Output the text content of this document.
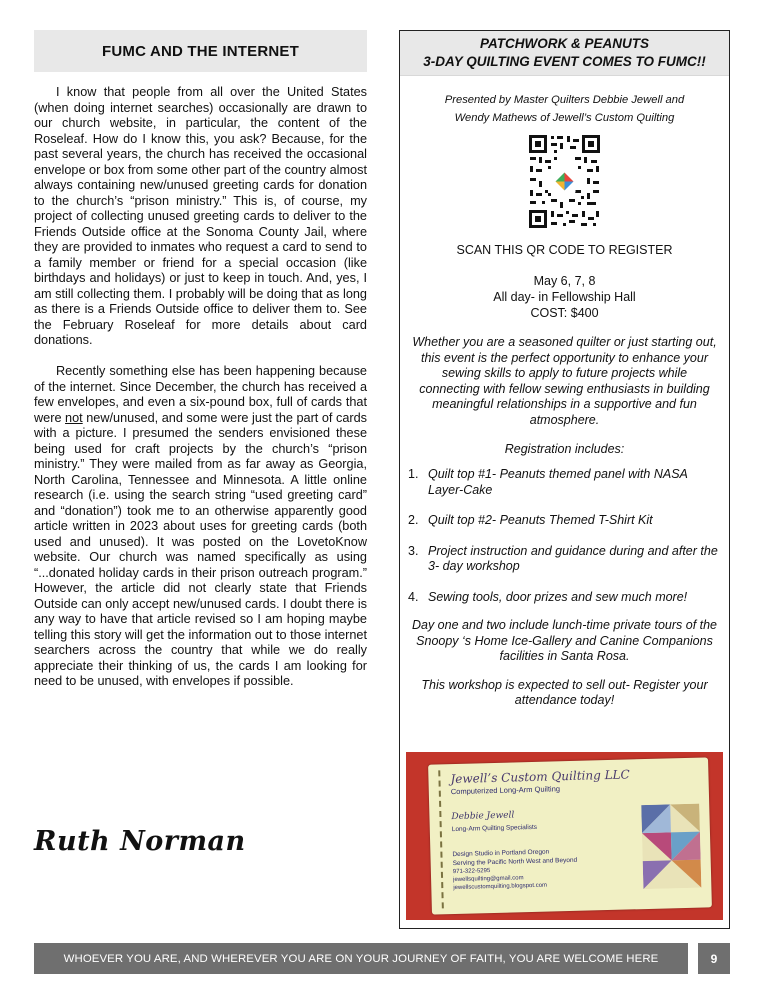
FUMC AND THE INTERNET

I know that people from all over the United States (when doing internet searches) occasionally are drawn to our church website, in particular, the content of the Roseleaf. How do I know this, you ask? Because, for the past several years, the church has received the occasional envelope or box from some other part of the country almost always containing new/unused greeting cards for donation to the church’s “prison ministry.” This is, of course, my project of collecting unused greeting cards to deliver to the Friends Outside office at the Sonoma County Jail, where they are provided to inmates who request a card to send to a family member or friend for a special occasion (like birthdays and holidays) or just to keep in touch. And, yes, I am still collecting them. I probably will be doing that as long as there is a Friends Outside office to deliver them to. See the February Roseleaf for more details about card donations.

Recently something else has been happening because of the internet. Since December, the church has received a few envelopes, and even a six-pound box, full of cards that were not new/unused, and some were just the part of cards with a picture. I presumed the senders envisioned these being used for craft projects by the church’s “prison ministry.” They were mailed from as far away as Georgia, North Carolina, Tennessee and Minnesota. A little online research (i.e. using the search string “used greeting card” and “donation”) took me to an otherwise apparently good article written in 2023 about uses for greeting cards (both used and unused). It was posted on the LovetoKnow website. Our church was named specifically as using “...donated holiday cards in their prison outreach program.” However, the article did not clearly state that Friends Outside can only accept new/unused cards. I doubt there is any way to have that article revised so I am hoping maybe telling this story will get the information out to those internet searchers across the country that while we do really appreciate their thinking of us, the cards I am looking for need to be unused, with envelopes if possible.

Ruth Norman
PATCHWORK & PEANUTS
3-DAY QUILTING EVENT COMES TO FUMC!!
Presented by Master Quilters Debbie Jewell and
Wendy Mathews of Jewell’s Custom Quilting
SCAN THIS QR CODE TO REGISTER
May 6, 7, 8
All day- in Fellowship Hall
COST: $400
Whether you are a seasoned quilter or just starting out, this event is the perfect opportunity to enhance your sewing skills to apply to future projects while connecting with fellow sewing enthusiasts in building meaningful relationships in a supportive and fun atmosphere.
Registration includes:
1. Quilt top #1- Peanuts themed panel with NASA Layer-Cake
2. Quilt top #2- Peanuts Themed T-Shirt Kit
3. Project instruction and guidance during and after the 3- day workshop
4. Sewing tools, door prizes and sew much more!
Day one and two include lunch-time private tours of the Snoopy ‘s Home Ice-Gallery and Canine Companions facilities in Santa Rosa.
This workshop is expected to sell out- Register your attendance today!
Jewell’s Custom Quilting LLC
Computerized Long-Arm Quilting
Debbie Jewell
Long-Arm Quilting Specialists
Design Studio in Portland Oregon
Serving the Pacific North West and Beyond
971-322-5295
jewellsquilting@gmail.com
jewellscustomquilting.blogspot.com
WHOEVER YOU ARE, AND WHEREVER YOU ARE ON YOUR JOURNEY OF FAITH, YOU ARE WELCOME HERE	9
